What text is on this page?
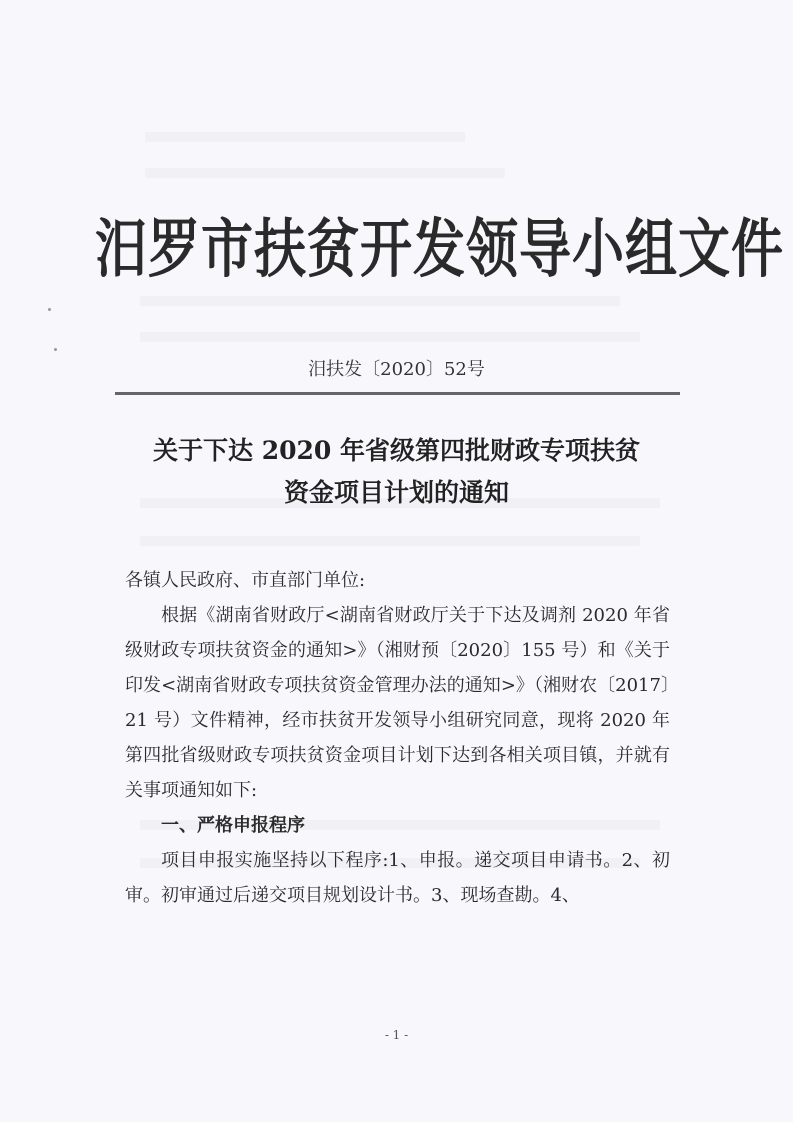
汨罗市扶贫开发领导小组文件
汨扶发〔2020〕52号
关于下达 2020 年省级第四批财政专项扶贫
资金项目计划的通知

各镇人民政府、市直部门单位:

根据《湖南省财政厅<湖南省财政厅关于下达及调剂 2020 年省级财政专项扶贫资金的通知>》（湘财预〔2020〕155 号）和《关于印发<湖南省财政专项扶贫资金管理办法的通知>》（湘财农〔2017〕21 号）文件精神，经市扶贫开发领导小组研究同意，现将 2020 年第四批省级财政专项扶贫资金项目计划下达到各相关项目镇，并就有关事项通知如下:

一、严格申报程序

项目申报实施坚持以下程序:1、申报。递交项目申请书。2、初审。初审通过后递交项目规划设计书。3、现场查勘。4、

- 1 -
